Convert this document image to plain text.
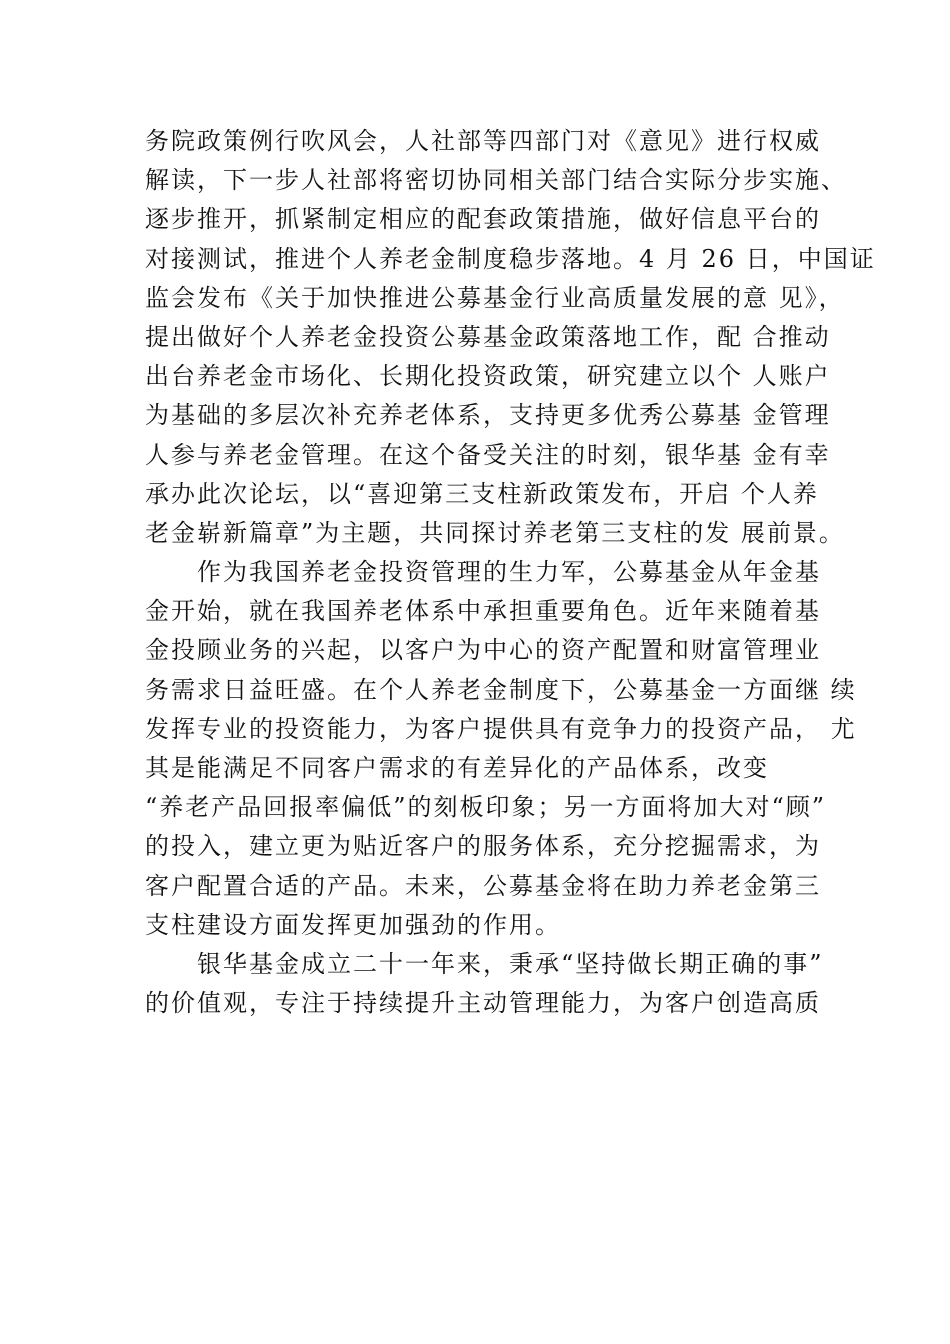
务院政策例行吹风会，人社部等四部门对《意见》进行权威
解读，下一步人社部将密切协同相关部门结合实际分步实施、
逐步推开，抓紧制定相应的配套政策措施，做好信息平台的
对接测试，推进个人养老金制度稳步落地。4 月 26 日，中国证
监会发布《关于加快推进公募基金行业高质量发展的意 见》，
提出做好个人养老金投资公募基金政策落地工作，配 合推动
出台养老金市场化、长期化投资政策，研究建立以个 人账户
为基础的多层次补充养老体系，支持更多优秀公募基 金管理
人参与养老金管理。在这个备受关注的时刻，银华基 金有幸
承办此次论坛，以“喜迎第三支柱新政策发布，开启 个人养
老金崭新篇章”为主题，共同探讨养老第三支柱的发 展前景。
作为我国养老金投资管理的生力军，公募基金从年金基
金开始，就在我国养老体系中承担重要角色。近年来随着基
金投顾业务的兴起，以客户为中心的资产配置和财富管理业
务需求日益旺盛。在个人养老金制度下，公募基金一方面继 续
发挥专业的投资能力，为客户提供具有竞争力的投资产品， 尤
其是能满足不同客户需求的有差异化的产品体系，改变
“养老产品回报率偏低”的刻板印象；另一方面将加大对“顾”
的投入，建立更为贴近客户的服务体系，充分挖掘需求，为
客户配置合适的产品。未来，公募基金将在助力养老金第三
支柱建设方面发挥更加强劲的作用。
银华基金成立二十一年来，秉承“坚持做长期正确的事”
的价值观，专注于持续提升主动管理能力，为客户创造高质
